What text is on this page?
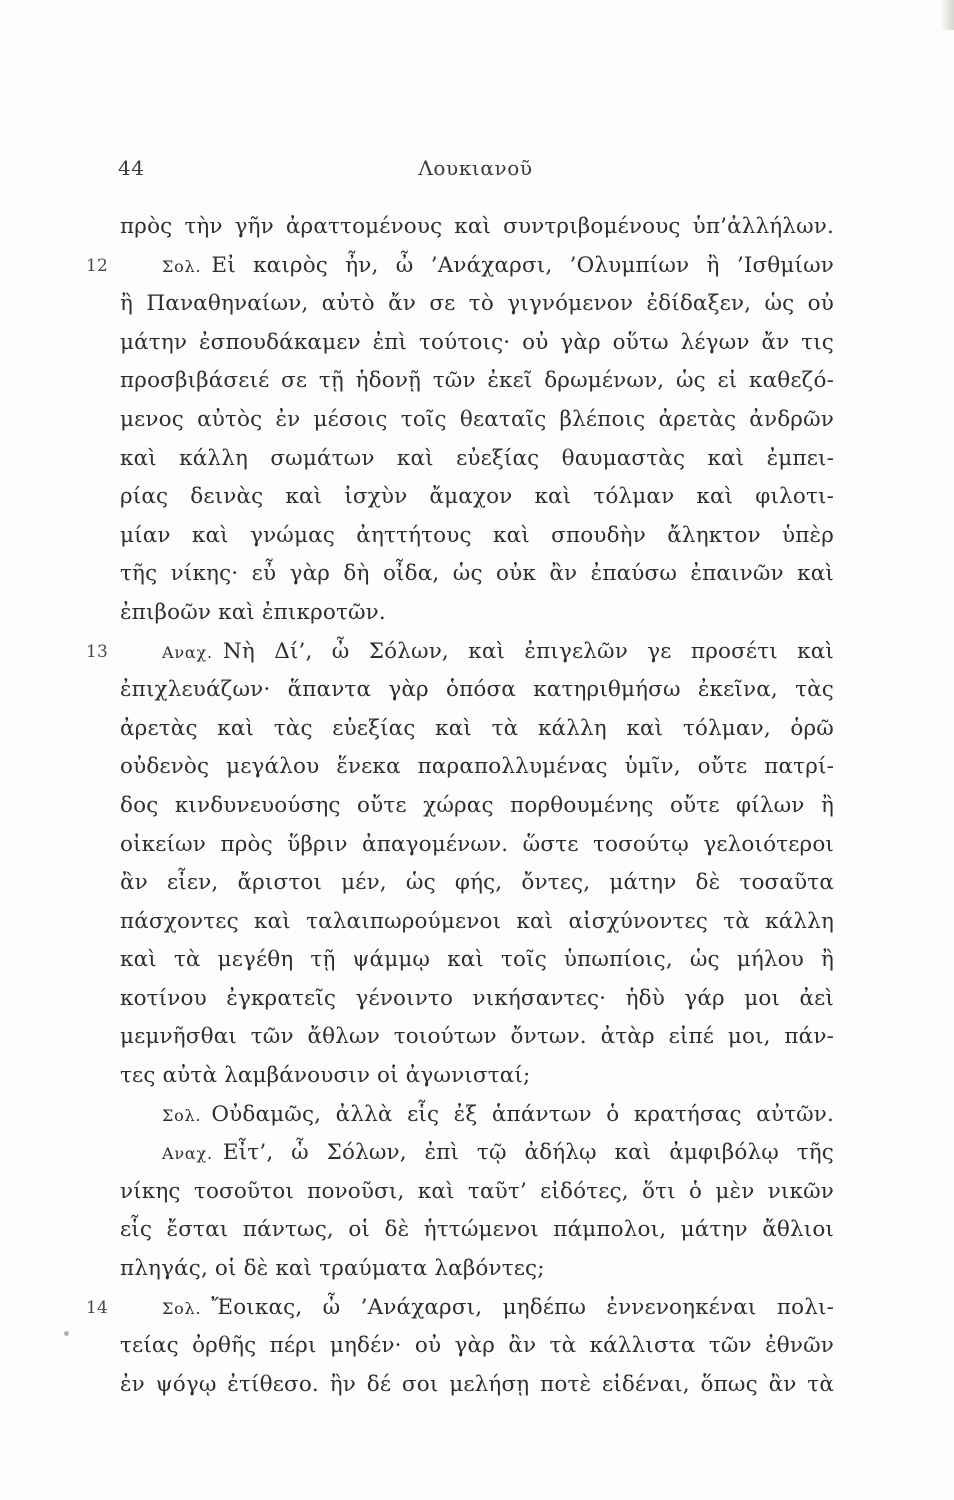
44	Λουκιανοῦ
πρὸς τὴν γῆν ἀραττομένους καὶ συντριβομένους ὑπ’ἀλλήλων.
12	Σολ. Εἰ καιρὸς ἦν, ὦ ’Ανάχαρσι, ’Ολυμπίων ἢ ’Ισθμίων
ἢ Παναθηναίων, αὐτὸ ἄν σε τὸ γιγνόμενον ἐδίδαξεν, ὡς οὐ
μάτην ἐσπουδάκαμεν ἐπὶ τούτοις· οὐ γὰρ οὕτω λέγων ἄν τις
προσβιβάσειέ σε τῇ ἡδονῇ τῶν ἐκεῖ δρωμένων, ὡς εἰ καθεζό-
μενος αὐτὸς ἐν μέσοις τοῖς θεαταῖς βλέποις ἀρετὰς ἀνδρῶν
καὶ κάλλη σωμάτων καὶ εὐεξίας θαυμαστὰς καὶ ἐμπει-
ρίας δεινὰς καὶ ἰσχὺν ἄμαχον καὶ τόλμαν καὶ φιλοτι-
μίαν καὶ γνώμας ἀηττήτους καὶ σπουδὴν ἄληκτον ὑπὲρ
τῆς νίκης· εὖ γὰρ δὴ οἶδα, ὡς οὐκ ἂν ἐπαύσω ἐπαινῶν καὶ
ἐπιβοῶν καὶ ἐπικροτῶν.
13	Αναχ. Νὴ Δί’, ὦ Σόλων, καὶ ἐπιγελῶν γε προσέτι καὶ
ἐπιχλευάζων· ἅπαντα γὰρ ὁπόσα κατηριθμήσω ἐκεῖνα, τὰς
ἀρετὰς καὶ τὰς εὐεξίας καὶ τὰ κάλλη καὶ τόλμαν, ὁρῶ
οὐδενὸς μεγάλου ἕνεκα παραπολλυμένας ὑμῖν, οὔτε πατρί-
δος κινδυνευούσης οὔτε χώρας πορθουμένης οὔτε φίλων ἢ
οἰκείων πρὸς ὕβριν ἀπαγομένων. ὥστε τοσούτῳ γελοιότεροι
ἂν εἶεν, ἄριστοι μέν, ὡς φής, ὄντες, μάτην δὲ τοσαῦτα
πάσχοντες καὶ ταλαιπωρούμενοι καὶ αἰσχύνοντες τὰ κάλλη
καὶ τὰ μεγέθη τῇ ψάμμῳ καὶ τοῖς ὑπωπίοις, ὡς μήλου ἢ
κοτίνου ἐγκρατεῖς γένοιντο νικήσαντες· ἡδὺ γάρ μοι ἀεὶ
μεμνῆσθαι τῶν ἄθλων τοιούτων ὄντων. ἀτὰρ εἰπέ μοι, πάν-
τες αὐτὰ λαμβάνουσιν οἱ ἀγωνισταί;
Σολ. Οὐδαμῶς, ἀλλὰ εἷς ἐξ ἁπάντων ὁ κρατήσας αὐτῶν.
Αναχ. Εἶτ’, ὦ Σόλων, ἐπὶ τῷ ἀδήλῳ καὶ ἀμφιβόλῳ τῆς
νίκης τοσοῦτοι πονοῦσι, καὶ ταῦτ’ εἰδότες, ὅτι ὁ μὲν νικῶν
εἷς ἔσται πάντως, οἱ δὲ ἡττώμενοι πάμπολοι, μάτην ἄθλιοι
πληγάς, οἱ δὲ καὶ τραύματα λαβόντες;
14	Σολ. Ἔοικας, ὦ ’Ανάχαρσι, μηδέπω ἐννενοηκέναι πολι-
τείας ὀρθῆς πέρι μηδέν· οὐ γὰρ ἂν τὰ κάλλιστα τῶν ἐθνῶν
ἐν ψόγῳ ἐτίθεσο. ἢν δέ σοι μελήσῃ ποτὲ εἰδέναι, ὅπως ἂν τὰ
